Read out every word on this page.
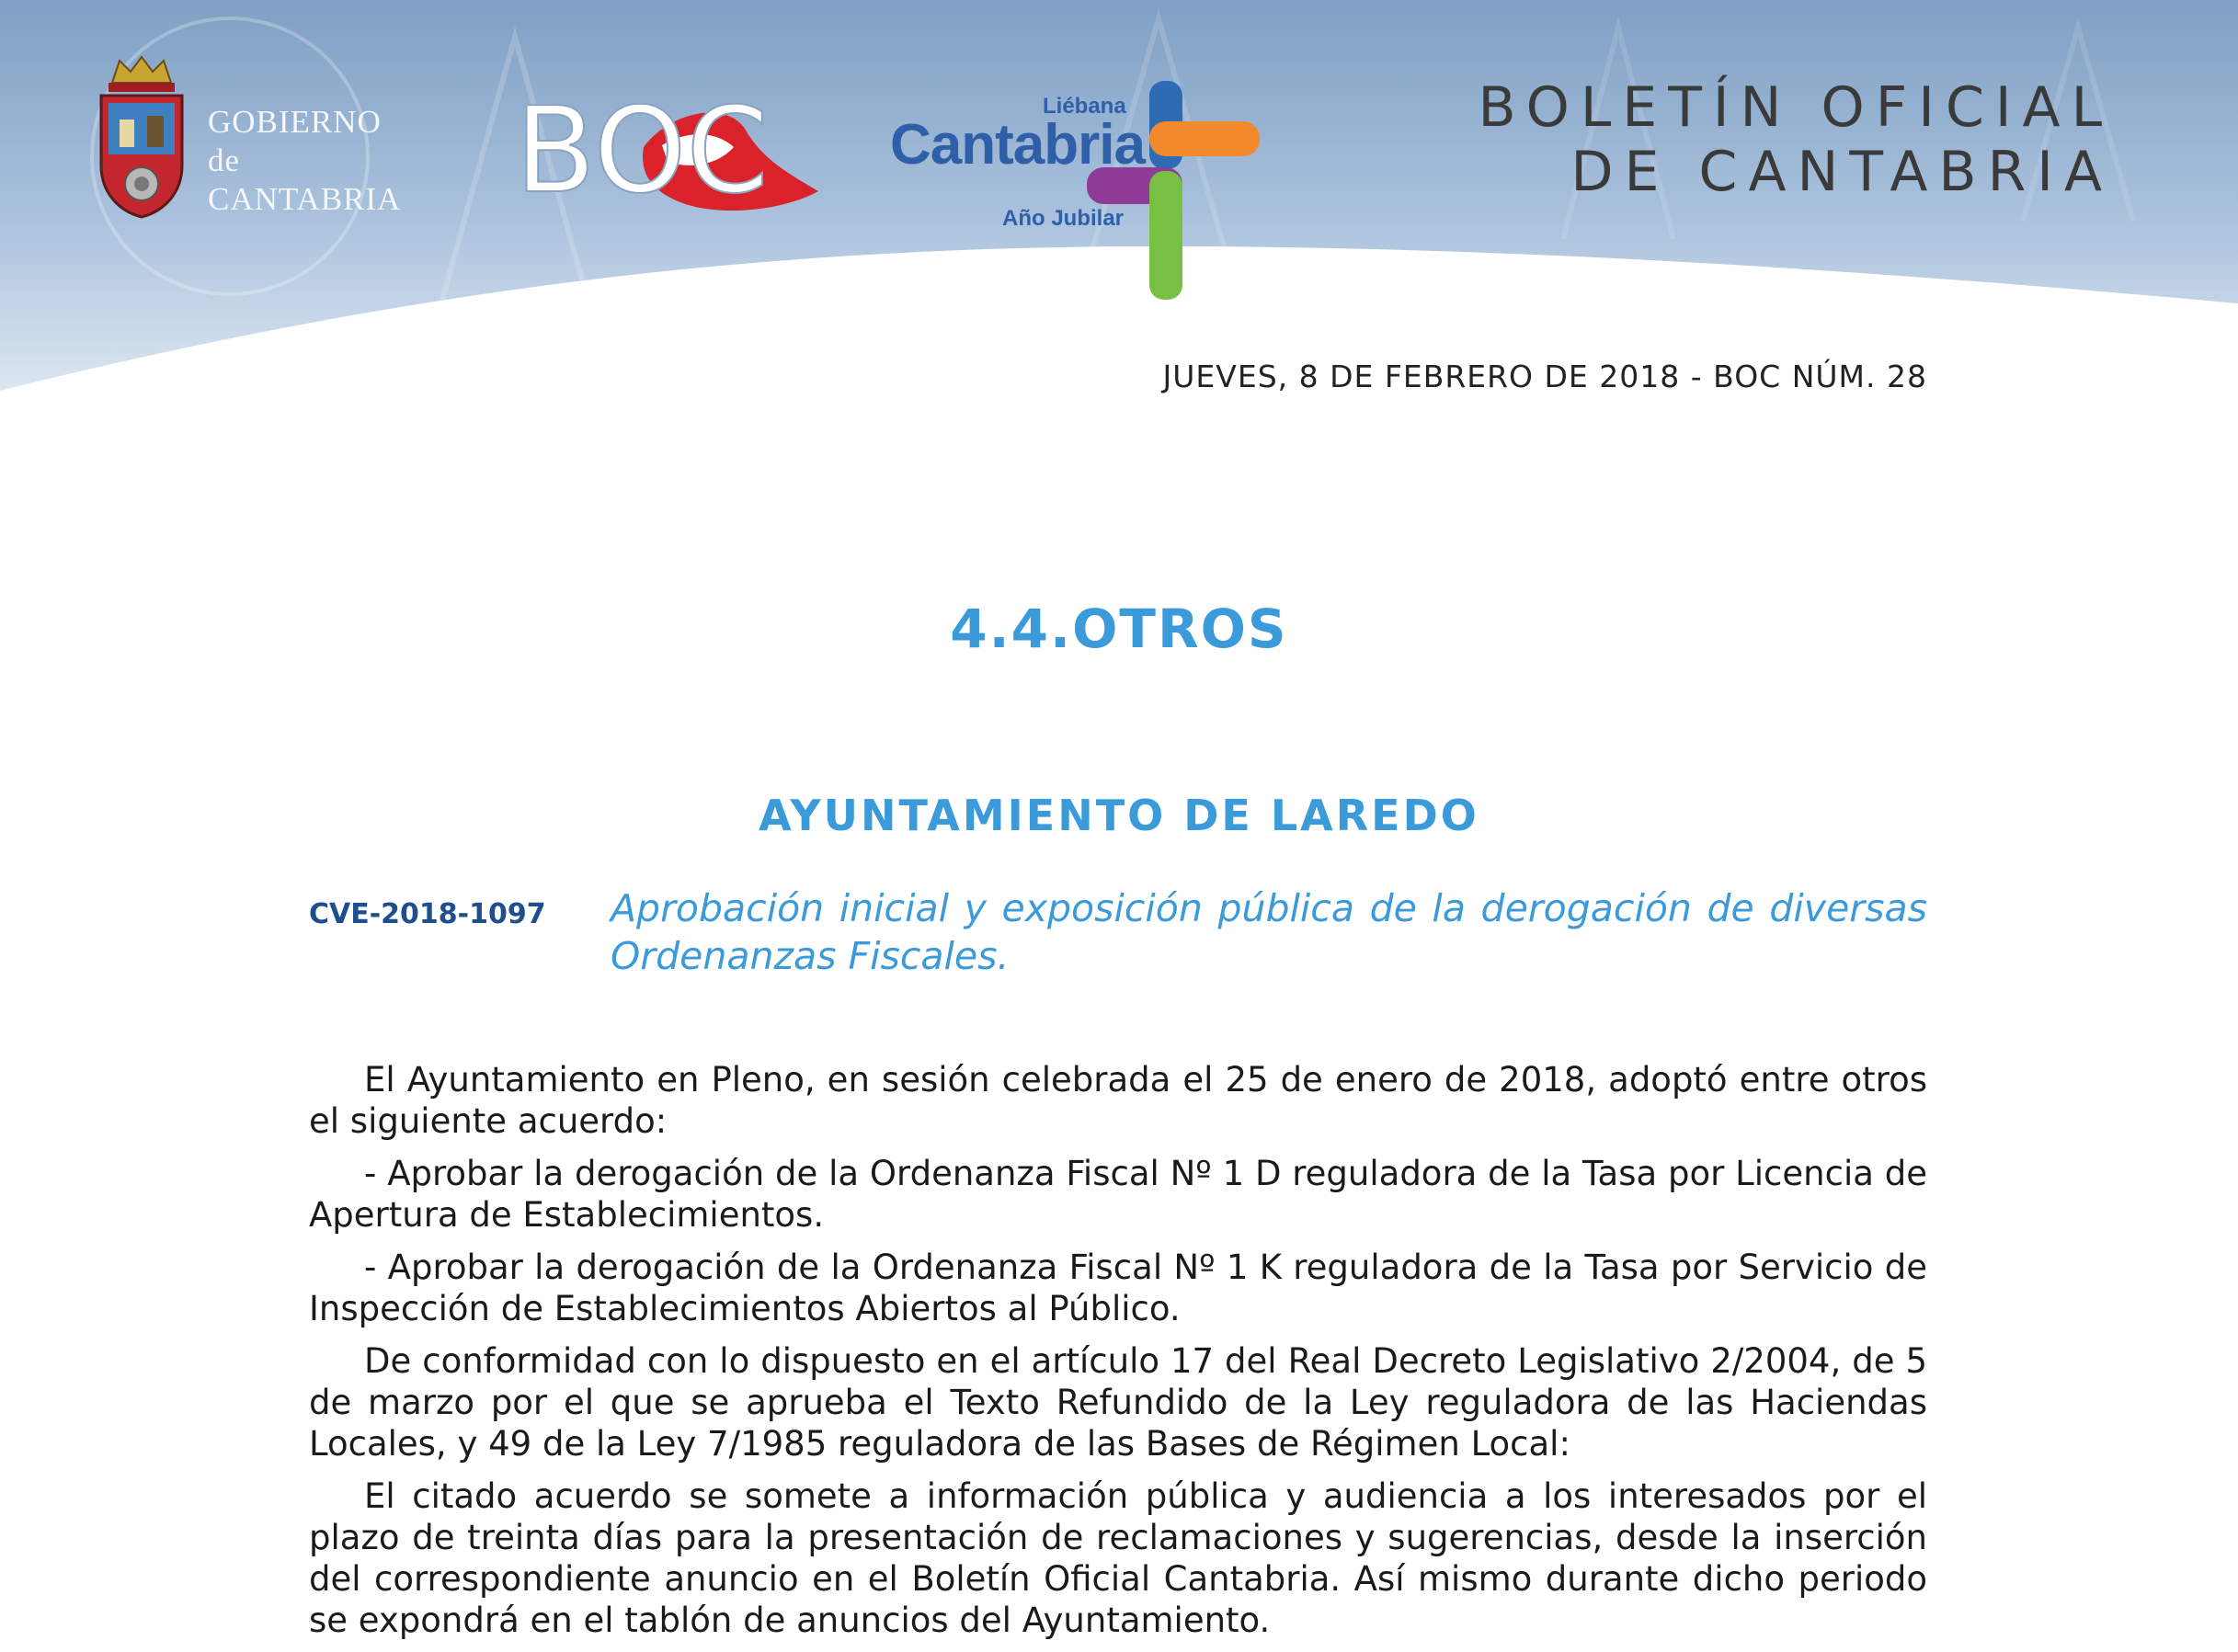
GOBIERNO
de
CANTABRIA BOC	Liébana
Cantabria
Año Jubilar
BOLETÍN OFICIAL
DE CANTABRIA
JUEVES, 8 DE FEBRERO DE 2018 - BOC NÚM. 28
4.4.OTROS
AYUNTAMIENTO DE LAREDO
CVE-2018-1097 Aprobación inicial y exposición pública de la derogación de diversas Ordenanzas Fiscales.

El Ayuntamiento en Pleno, en sesión celebrada el 25 de enero de 2018, adoptó entre otros el siguiente acuerdo:

- Aprobar la derogación de la Ordenanza Fiscal Nº 1 D reguladora de la Tasa por Licencia de Apertura de Establecimientos.

- Aprobar la derogación de la Ordenanza Fiscal Nº 1 K reguladora de la Tasa por Servicio de Inspección de Establecimientos Abiertos al Público.

De conformidad con lo dispuesto en el artículo 17 del Real Decreto Legislativo 2/2004, de 5 de marzo por el que se aprueba el Texto Refundido de la Ley reguladora de las Haciendas Locales, y 49 de la Ley 7/1985 reguladora de las Bases de Régimen Local:

El citado acuerdo se somete a información pública y audiencia a los interesados por el plazo de treinta días para la presentación de reclamaciones y sugerencias, desde la inserción del correspondiente anuncio en el Boletín Oficial Cantabria. Así mismo durante dicho periodo se expondrá en el tablón de anuncios del Ayuntamiento.
